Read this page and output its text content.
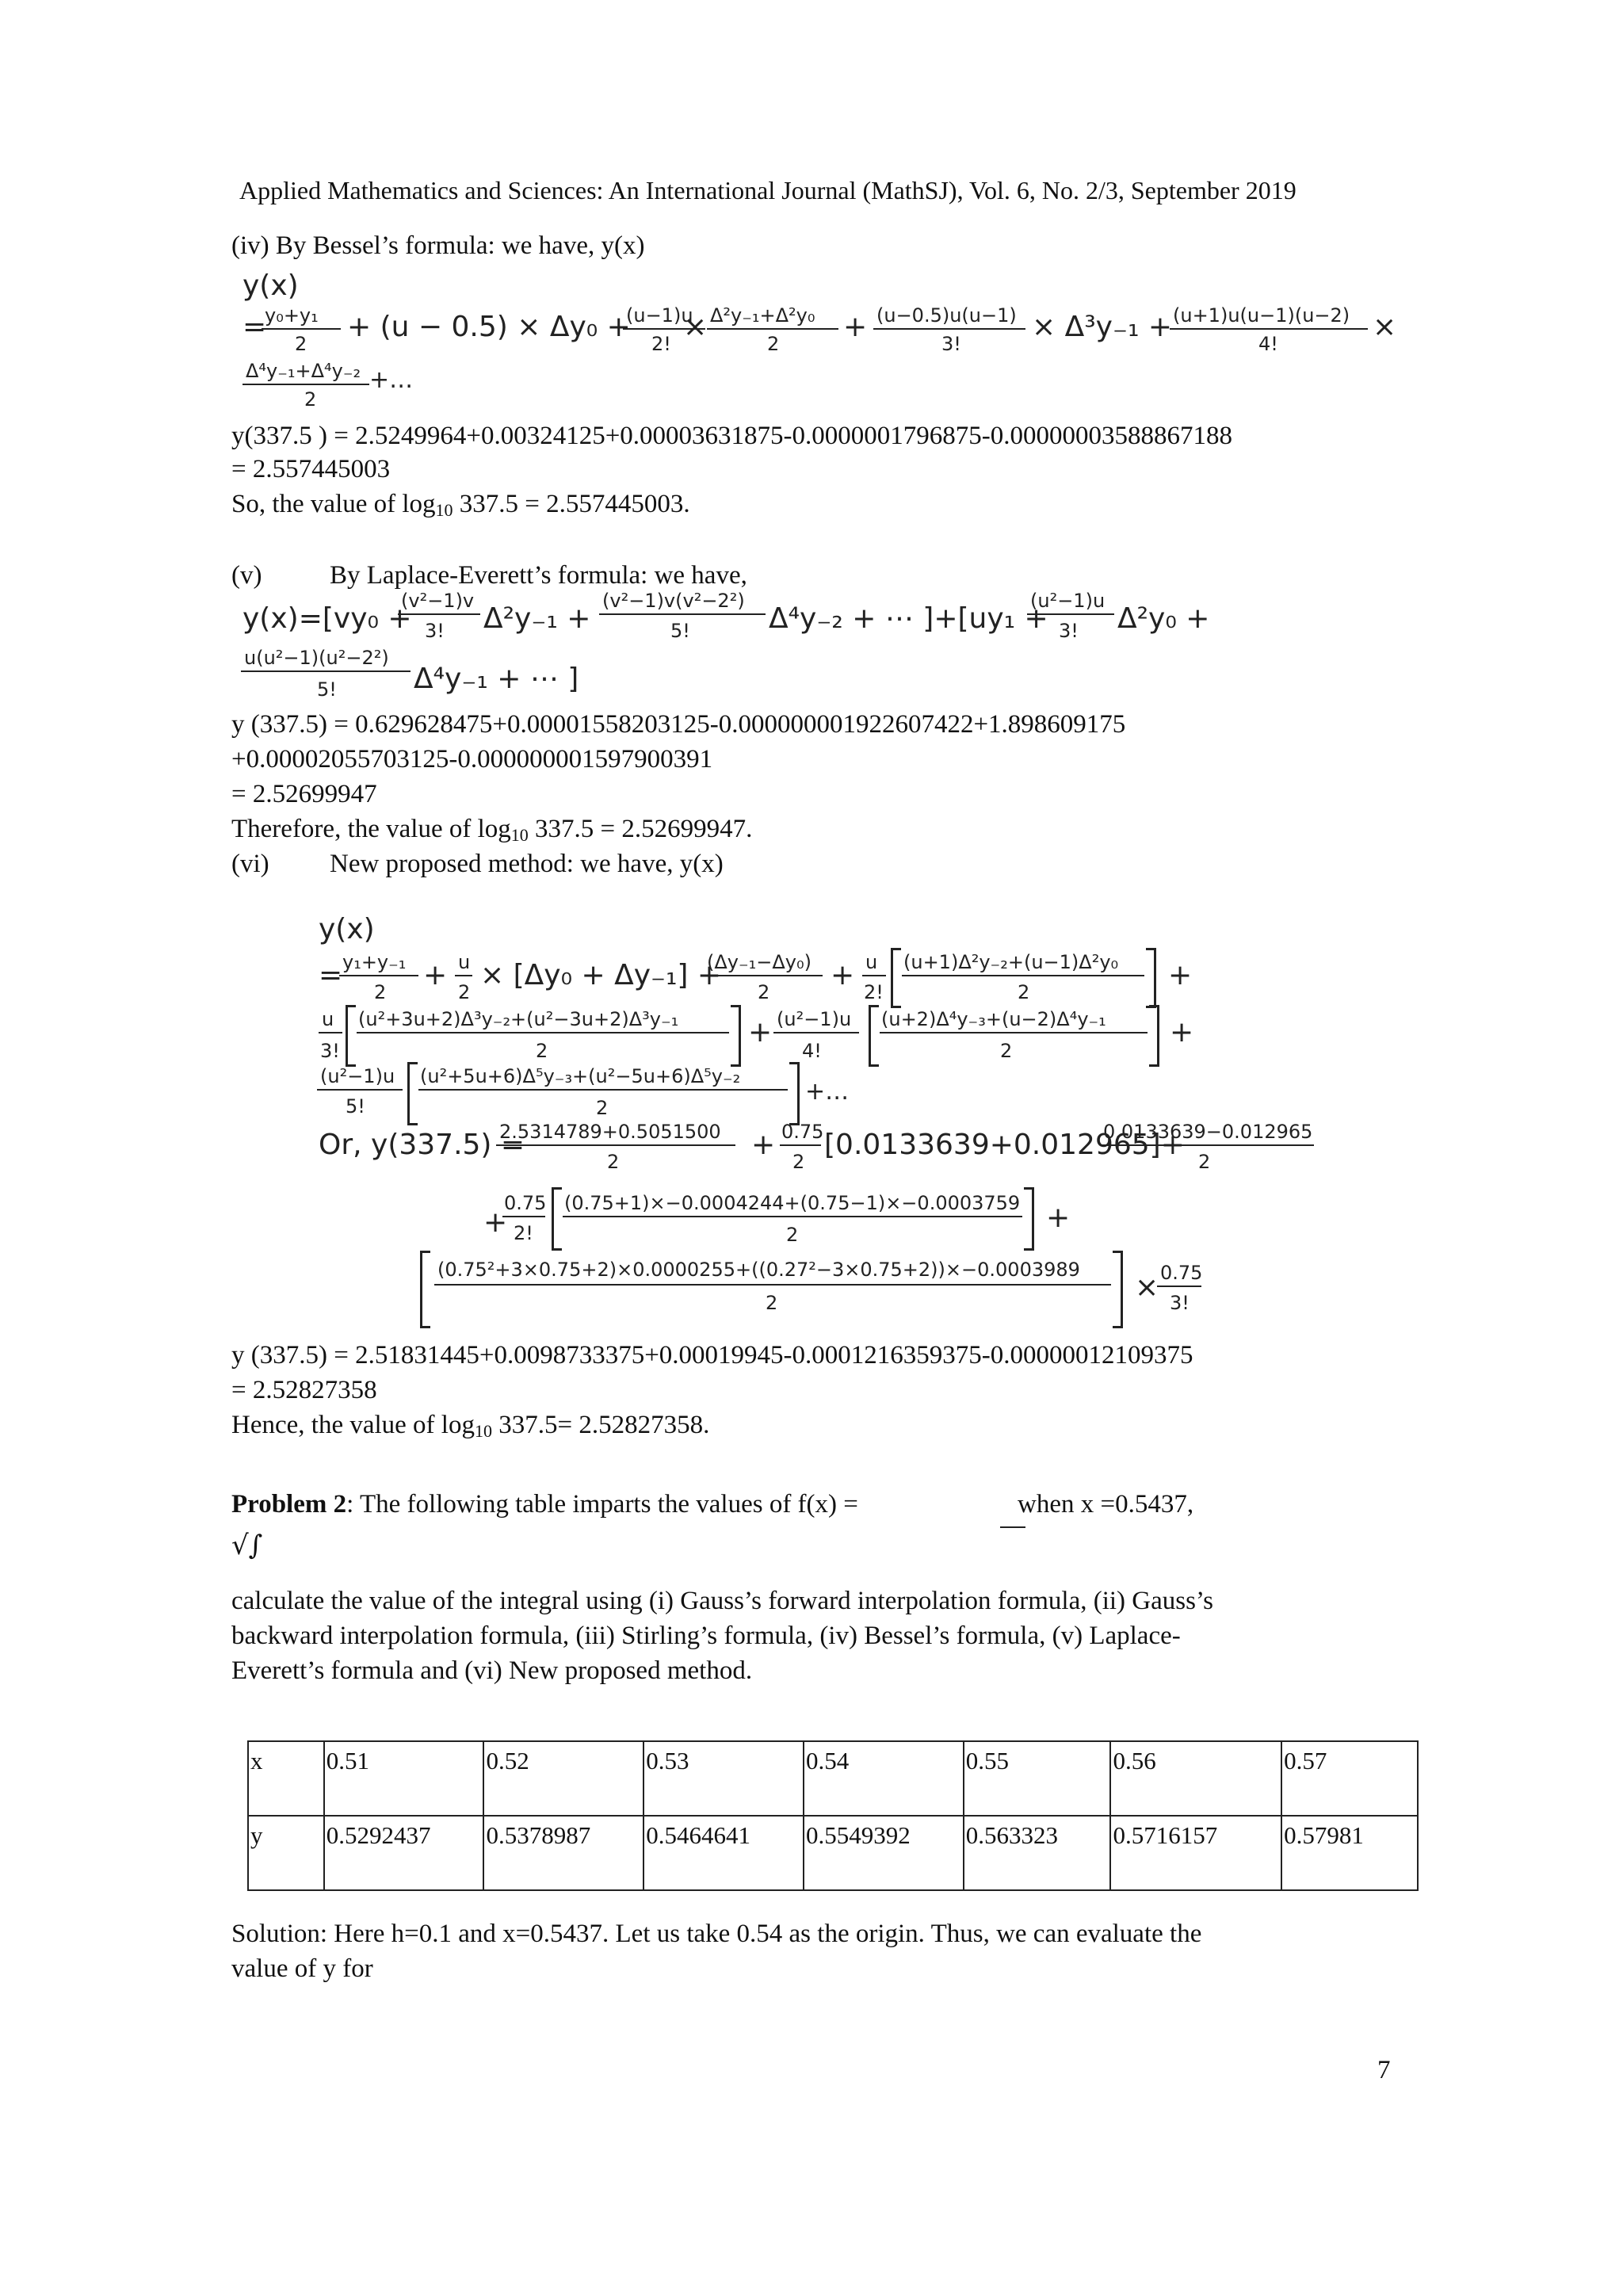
Applied Mathematics and Sciences: An International Journal (MathSJ), Vol. 6, No. 2/3, September 2019
(iv) By Bessel’s formula: we have, y(x)
y(x)
=
y₀+y₁
2
+ (u − 0.5) × Δy₀ +
(u−1)u
2!
× Δ²y₋₁+Δ²y₀
2
+ (u−0.5)u(u−1)
3!
× Δ³y₋₁ + (u+1)u(u−1)(u−2)
4!
×
Δ⁴y₋₁+Δ⁴y₋₂
2
+…
y(337.5 ) = 2.5249964+0.00324125+0.00003631875-0.0000001796875-0.00000003588867188
= 2.557445003
So, the value of $\log_{10} 337.5 = 2.557445003$.
(v)	By Laplace-Everett’s formula: we have,
y(x)=[vy₀ +
(v²−1)v
3! Δ²y₋₁ +
(v²−1)v(v²−2²)
5!	Δ⁴y₋₂ + ⋯ ]+[uy₁ +
(u²−1)u
3! Δ²y₀ +
u(u²−1)(u²−2²)
5!	Δ⁴y₋₁ + ⋯ ]
y (337.5) = 0.629628475+0.00001558203125-0.000000001922607422+1.898609175
+0.00002055703125-0.000000001597900391
= 2.52699947
Therefore, the value of $\log_{10} 337.5 = 2.52699947$.
(vi) New proposed method: we have, y(x)
y(x)
= y₁+y₋₁
2
+ u
2
× [Δy₀ + Δy₋₁] +
(Δy₋₁−Δy₀)
2
+ u
2!
(u+1)Δ²y₋₂+(u−1)Δ²y₀
2
+
u
3!
(u²+3u+2)Δ³y₋₂+(u²−3u+2)Δ³y₋₁
2
+ (u²−1)u
4!
(u+2)Δ⁴y₋₃+(u−2)Δ⁴y₋₁
2
+
(u²−1)u
5!
(u²+5u+6)Δ⁵y₋₃+(u²−5u+6)Δ⁵y₋₂
2
+…
Or, y(337.5) =
2.5314789+0.5051500
2
+ 0.75
2
[0.0133639+0.012965]+
0.0133639−0.012965
2
+
0.75
2!
(0.75+1)×−0.0004244+(0.75−1)×−0.0003759
2
+
(0.75²+3×0.75+2)×0.0000255+((0.27²−3×0.75+2))×−0.0003989
2	× 0.75
3!
y (337.5) = 2.51831445+0.0098733375+0.00019945-0.0001216359375-0.00000012109375
= 2.52827358
Hence, the value of $\log_{10} 337.5= 2.52827358$.
Problem 2: The following table imparts the values of f(x) =	when x =0.5437,
√∫
calculate the value of the integral using (i) Gauss’s forward interpolation formula, (ii) Gauss’s
backward interpolation formula, (iii) Stirling’s formula, (iv) Bessel’s formula, (v) Laplace-
Everett’s formula and (vi) New proposed method.
x	0.51	0.52	0.53	0.54	0.55	0.56	0.57
y	0.5292437	0.5378987	0.5464641	0.5549392	0.563323	0.5716157	0.57981
Solution: Here h=0.1 and x=0.5437. Let us take 0.54 as the origin. Thus, we can evaluate the
value of y for
7
